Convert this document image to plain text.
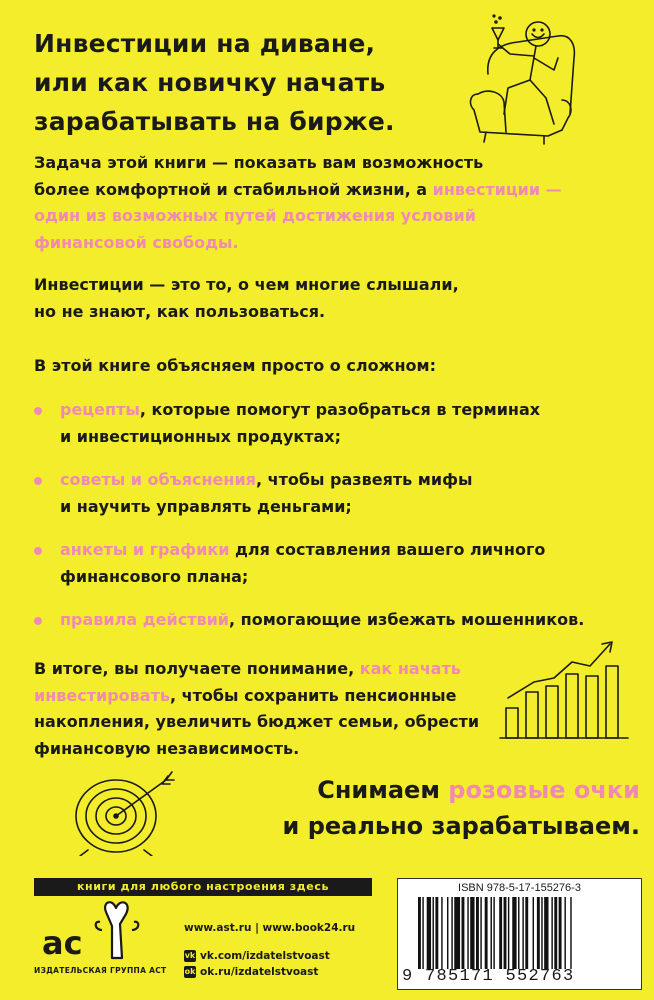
Инвестиции на диване,
или как новичку начать
зарабатывать на бирже.
Задача этой книги — показать вам возможность
более комфортной и стабильной жизни, а инвестиции —
один из возможных путей достижения условий
финансовой свободы.
Инвестиции — это то, о чем многие слышали,
но не знают, как пользоваться.
В этой книге объясняем просто о сложном:
рецепты, которые помогут разобраться в терминах
и инвестиционных продуктах;
советы и объяснения, чтобы развеять мифы
и научить управлять деньгами;
анкеты и графики для составления вашего личного
финансового плана;
правила действий, помогающие избежать мошенников.
В итоге, вы получаете понимание, как начать
инвестировать, чтобы сохранить пенсионные
накопления, увеличить бюджет семьи, обрести
финансовую независимость.
Снимаем розовые очки
и реально зарабатываем.
книги для любого настроения здесь
ac
ИЗДАТЕЛЬСКАЯ ГРУППА АСТ
www.ast.ru | www.book24.ru
vk vk.com/izdatelstvoast
ok ok.ru/izdatelstvoast
ISBN 978-5-17-155276-3
9 785171 552763
